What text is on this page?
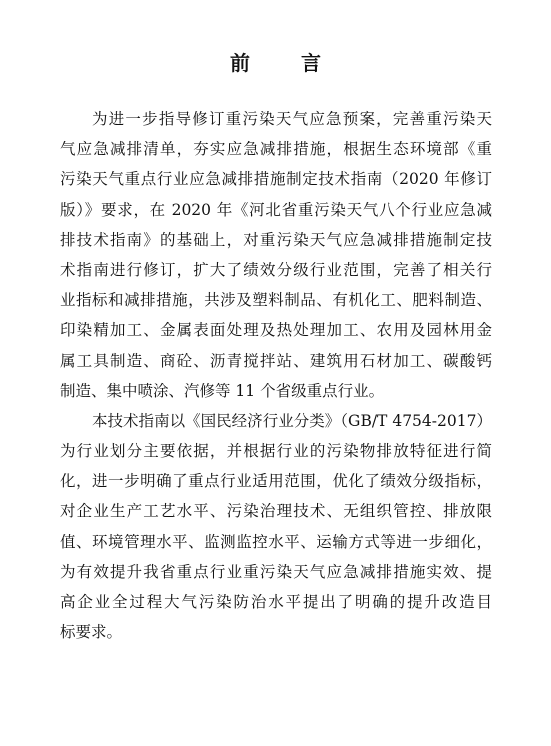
前 言
为进一步指导修订重污染天气应急预案，完善重污染天
气应急减排清单，夯实应急减排措施，根据生态环境部《重
污染天气重点行业应急减排措施制定技术指南（2020 年修订
版）》要求，在 2020 年《河北省重污染天气八个行业应急减
排技术指南》的基础上，对重污染天气应急减排措施制定技
术指南进行修订，扩大了绩效分级行业范围，完善了相关行
业指标和减排措施，共涉及塑料制品、有机化工、肥料制造、
印染精加工、金属表面处理及热处理加工、农用及园林用金
属工具制造、商砼、沥青搅拌站、建筑用石材加工、碳酸钙
制造、集中喷涂、汽修等 11 个省级重点行业。
本技术指南以《国民经济行业分类》（GB/T 4754-2017）
为行业划分主要依据，并根据行业的污染物排放特征进行简
化，进一步明确了重点行业适用范围，优化了绩效分级指标，
对企业生产工艺水平、污染治理技术、无组织管控、排放限
值、环境管理水平、监测监控水平、运输方式等进一步细化，
为有效提升我省重点行业重污染天气应急减排措施实效、提
高企业全过程大气污染防治水平提出了明确的提升改造目
标要求。
